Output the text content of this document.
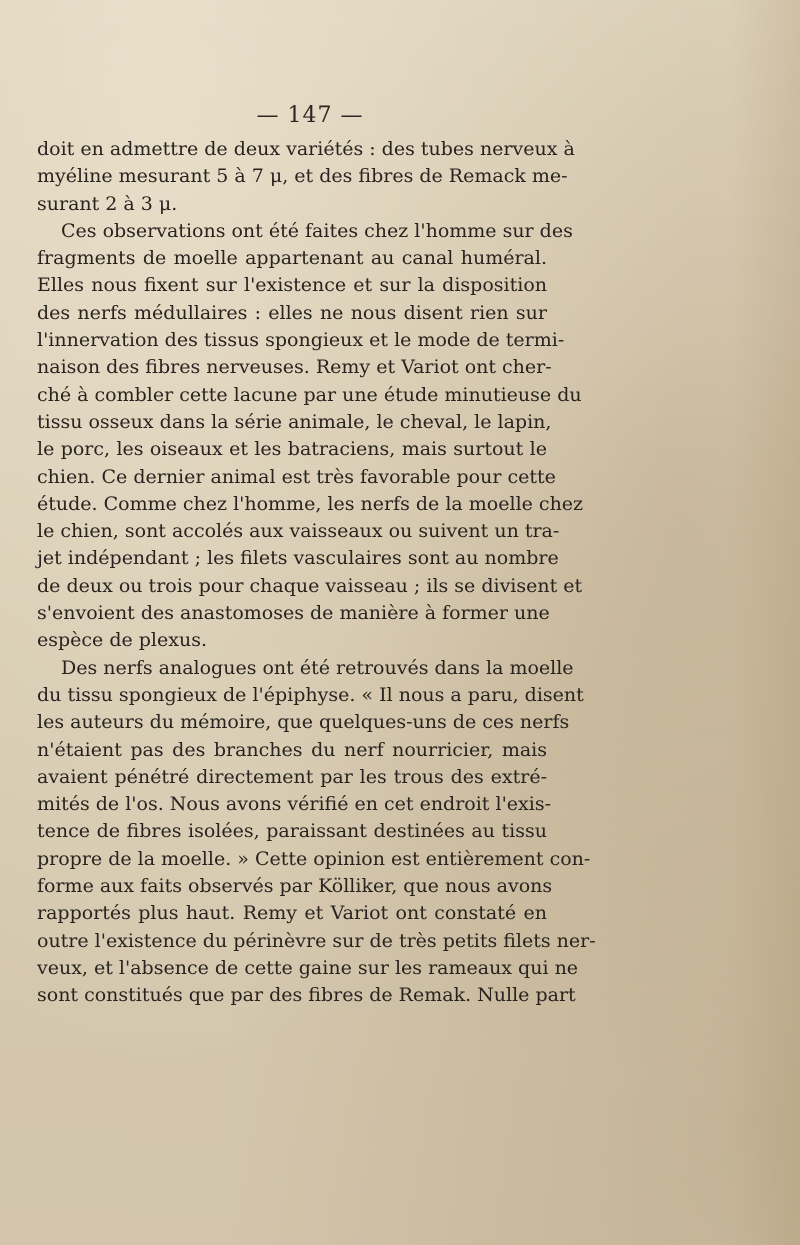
— 147 —
doit en admettre de deux variétés : des tubes nerveux à
myéline mesurant 5 à 7 μ, et des fibres de Remack me-
surant 2 à 3 μ.
Ces observations ont été faites chez l'homme sur des
fragments de moelle appartenant au canal huméral.
Elles nous fixent sur l'existence et sur la disposition
des nerfs médullaires : elles ne nous disent rien sur
l'innervation des tissus spongieux et le mode de termi-
naison des fibres nerveuses. Remy et Variot ont cher-
ché à combler cette lacune par une étude minutieuse du
tissu osseux dans la série animale, le cheval, le lapin,
le porc, les oiseaux et les batraciens, mais surtout le
chien. Ce dernier animal est très favorable pour cette
étude. Comme chez l'homme, les nerfs de la moelle chez
le chien, sont accolés aux vaisseaux ou suivent un tra-
jet indépendant ; les filets vasculaires sont au nombre
de deux ou trois pour chaque vaisseau ; ils se divisent et
s'envoient des anastomoses de manière à former une
espèce de plexus.
Des nerfs analogues ont été retrouvés dans la moelle
du tissu spongieux de l'épiphyse. « Il nous a paru, disent
les auteurs du mémoire, que quelques-uns de ces nerfs
n'étaient pas des branches du nerf nourricier, mais
avaient pénétré directement par les trous des extré-
mités de l'os. Nous avons vérifié en cet endroit l'exis-
tence de fibres isolées, paraissant destinées au tissu
propre de la moelle. » Cette opinion est entièrement con-
forme aux faits observés par Kölliker, que nous avons
rapportés plus haut. Remy et Variot ont constaté en
outre l'existence du périnèvre sur de très petits filets ner-
veux, et l'absence de cette gaine sur les rameaux qui ne
sont constitués que par des fibres de Remak. Nulle part
